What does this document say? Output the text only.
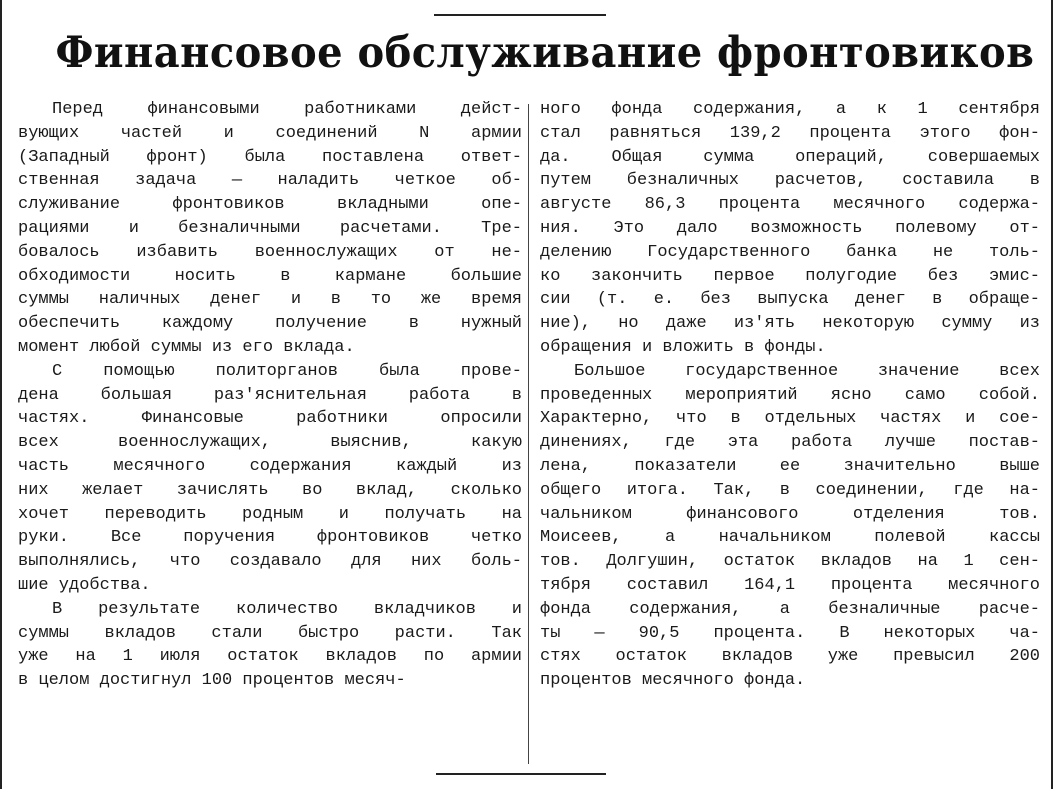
Финансовое обслуживание фронтовиков

Перед финансовыми работниками дейст-
вующих частей и соединений N армии
(Западный фронт) была поставлена ответ-
ственная задача — наладить четкое об-
служивание фронтовиков вкладными опе-
рациями и безналичными расчетами. Тре-
бовалось избавить военнослужащих от не-
обходимости носить в кармане большие
суммы наличных денег и в то же время
обеспечить каждому получение в нужный
момент любой суммы из его вклада.

С помощью политорганов была прове-
дена большая раз'яснительная работа в
частях. Финансовые работники опросили
всех военнослужащих, выяснив, какую
часть месячного содержания каждый из
них желает зачислять во вклад, сколько
хочет переводить родным и получать на
руки. Все поручения фронтовиков четко
выполнялись, что создавало для них боль-
шие удобства.

В результате количество вкладчиков и
суммы вкладов стали быстро расти. Так
уже на 1 июля остаток вкладов по армии
в целом достигнул 100 процентов месяч-

ного фонда содержания, а к 1 сентября
стал равняться 139,2 процента этого фон-
да. Общая сумма операций, совершаемых
путем безналичных расчетов, составила в
августе 86,3 процента месячного содержа-
ния. Это дало возможность полевому от-
делению Государственного банка не толь-
ко закончить первое полугодие без эмис-
сии (т. е. без выпуска денег в обраще-
ние), но даже из'ять некоторую сумму из
обращения и вложить в фонды.

Большое государственное значение всех
проведенных мероприятий ясно само собой.
Характерно, что в отдельных частях и сое-
динениях, где эта работа лучше постав-
лена, показатели ее значительно выше
общего итога. Так, в соединении, где на-
чальником финансового отделения тов.
Моисеев, а начальником полевой кассы
тов. Долгушин, остаток вкладов на 1 сен-
тября составил 164,1 процента месячного
фонда содержания, а безналичные расче-
ты — 90,5 процента. В некоторых ча-
стях остаток вкладов уже превысил 200
процентов месячного фонда.
